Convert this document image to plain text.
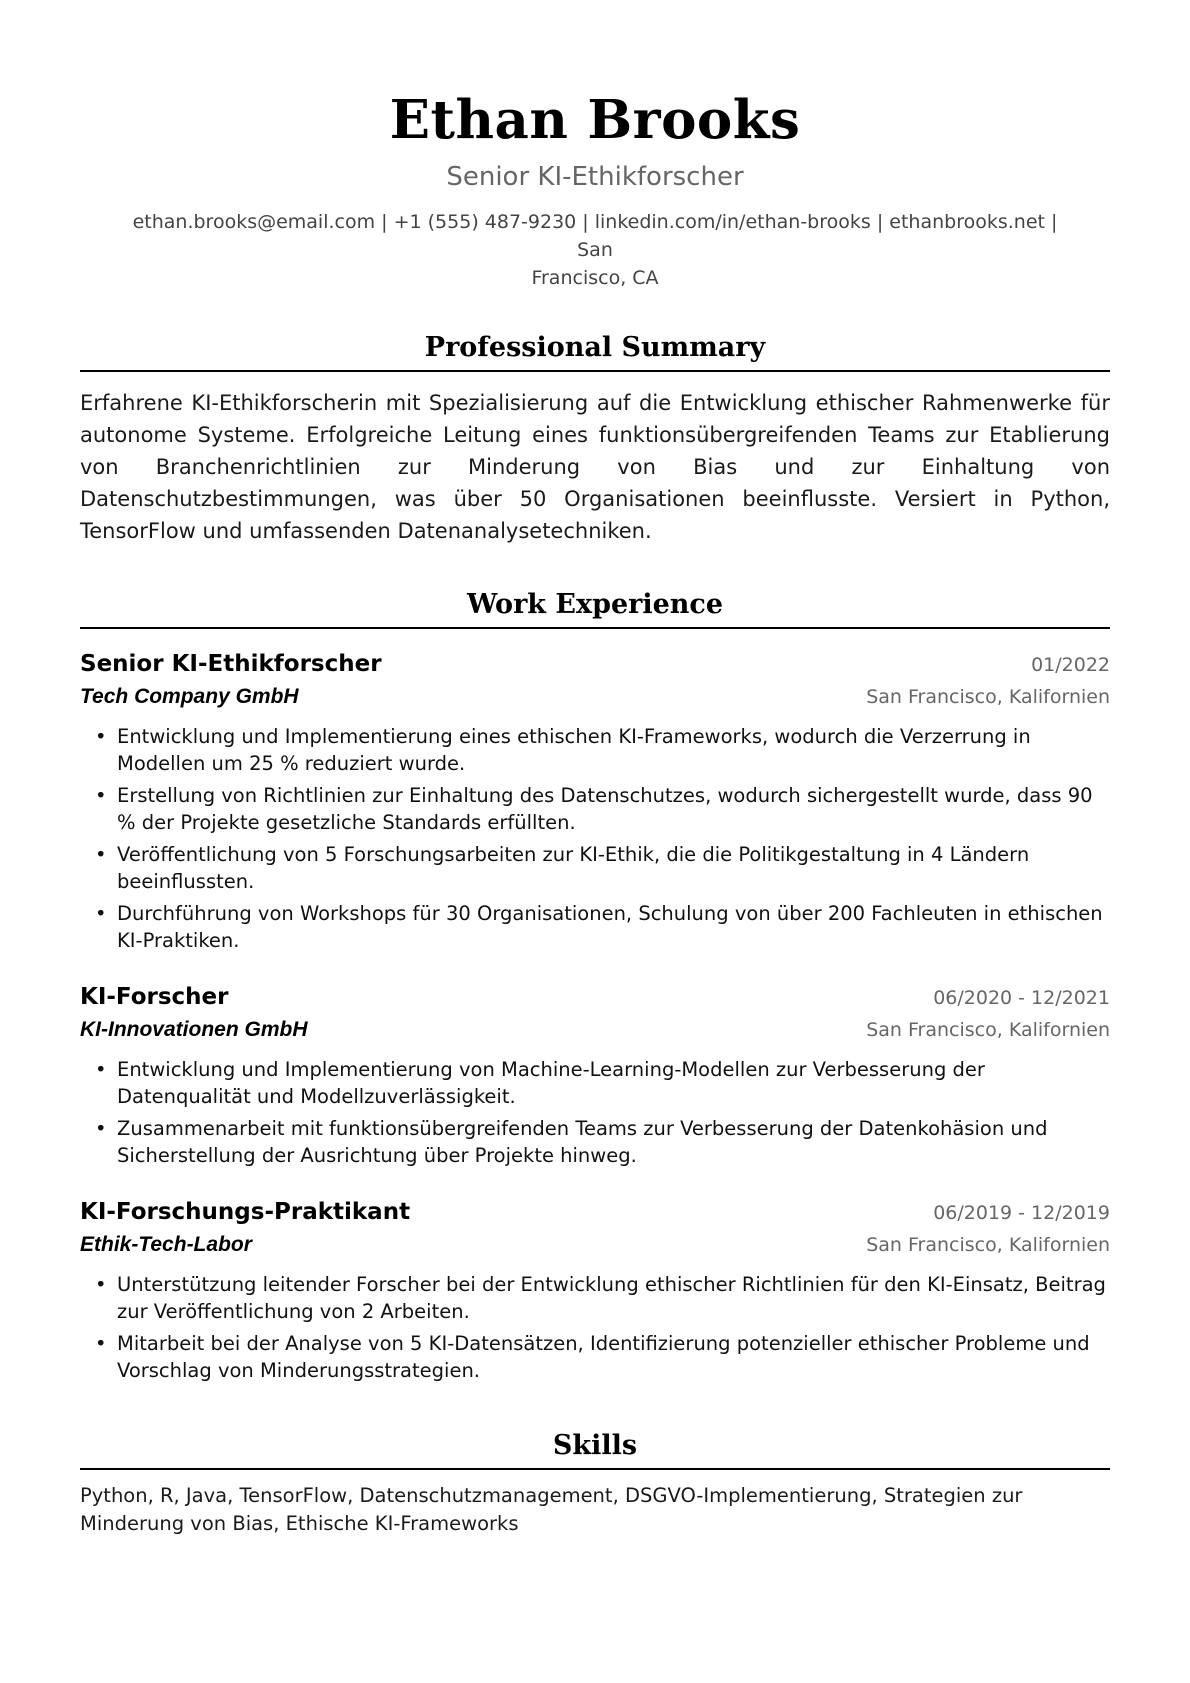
Ethan Brooks
Senior KI-Ethikforscher
ethan.brooks@email.com | +1 (555) 487-9230 | linkedin.com/in/ethan-brooks | ethanbrooks.net | San
Francisco, CA
Professional Summary
Erfahrene KI-Ethikforscherin mit Spezialisierung auf die Entwicklung ethischer Rahmenwerke für autonome Systeme. Erfolgreiche Leitung eines funktionsübergreifenden Teams zur Etablierung von Branchenrichtlinien zur Minderung von Bias und zur Einhaltung von Datenschutzbestimmungen, was über 50 Organisationen beeinflusste. Versiert in Python, TensorFlow und umfassenden Datenanalysetechniken.
Work Experience
Senior KI-Ethikforscher	01/2022
Tech Company GmbH	San Francisco, Kalifornien
• Entwicklung und Implementierung eines ethischen KI-Frameworks, wodurch die Verzerrung in Modellen um 25 % reduziert wurde.
• Erstellung von Richtlinien zur Einhaltung des Datenschutzes, wodurch sichergestellt wurde, dass 90 % der Projekte gesetzliche Standards erfüllten.
• Veröffentlichung von 5 Forschungsarbeiten zur KI-Ethik, die die Politikgestaltung in 4 Ländern beeinflussten.
• Durchführung von Workshops für 30 Organisationen, Schulung von über 200 Fachleuten in ethischen KI-Praktiken.
KI-Forscher	06/2020 - 12/2021
KI-Innovationen GmbH	San Francisco, Kalifornien
• Entwicklung und Implementierung von Machine-Learning-Modellen zur Verbesserung der Datenqualität und Modellzuverlässigkeit.
• Zusammenarbeit mit funktionsübergreifenden Teams zur Verbesserung der Datenkohäsion und Sicherstellung der Ausrichtung über Projekte hinweg.
KI-Forschungs-Praktikant	06/2019 - 12/2019
Ethik-Tech-Labor	San Francisco, Kalifornien
• Unterstützung leitender Forscher bei der Entwicklung ethischer Richtlinien für den KI-Einsatz, Beitrag zur Veröffentlichung von 2 Arbeiten.
• Mitarbeit bei der Analyse von 5 KI-Datensätzen, Identifizierung potenzieller ethischer Probleme und Vorschlag von Minderungsstrategien.
Skills
Python, R, Java, TensorFlow, Datenschutzmanagement, DSGVO-Implementierung, Strategien zur Minderung von Bias, Ethische KI-Frameworks
